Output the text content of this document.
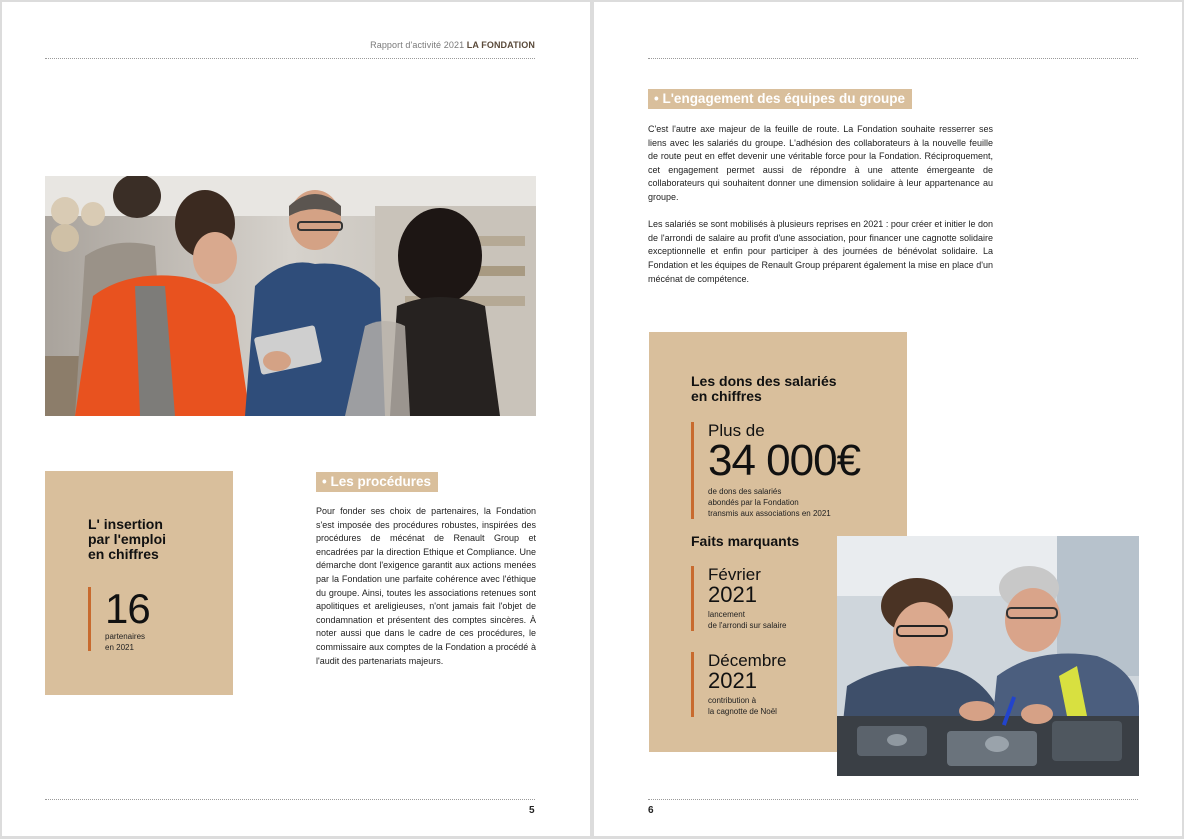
Rapport d'activité 2021 LA FONDATION
L' insertion
par l'emploi
en chiffres
16
partenaires
en 2021
• Les procédures

Pour fonder ses choix de partenaires, la Fondation s'est imposée des procédures robustes, inspirées des procédures de mécénat de Renault Group et encadrées par la direction Ethique et Compliance. Une démarche dont l'exigence garantit aux actions menées par la Fondation une parfaite cohérence avec l'éthique du groupe. Ainsi, toutes les associations retenues sont apolitiques et areligieuses, n'ont jamais fait l'objet de condamnation et présentent des comptes sincères. À noter aussi que dans le cadre de ces procédures, le commissaire aux comptes de la Fondation a procédé à l'audit des partenariats majeurs.

5
• L'engagement des équipes du groupe

C'est l'autre axe majeur de la feuille de route. La Fondation souhaite resserrer ses liens avec les salariés du groupe. L'adhésion des collaborateurs à la nouvelle feuille de route peut en effet devenir une véritable force pour la Fondation. Réciproquement, cet engagement permet aussi de répondre à une attente émergeante de collaborateurs qui souhaitent donner une dimension solidaire à leur appartenance au groupe.

Les salariés se sont mobilisés à plusieurs reprises en 2021 : pour créer et initier le don de l'arrondi de salaire au profit d'une association, pour financer une cagnotte solidaire exceptionnelle et enfin pour participer à des journées de bénévolat solidaire. La Fondation et les équipes de Renault Group préparent également la mise en place d'un mécénat de compétence.

Les dons des salariés
en chiffres
Plus de
34 000€
de dons des salariés
abondés par la Fondation
transmis aux associations en 2021
Faits marquants
Février
2021
lancement
de l'arrondi sur salaire
Décembre
2021
contribution à
la cagnotte de Noël
6
